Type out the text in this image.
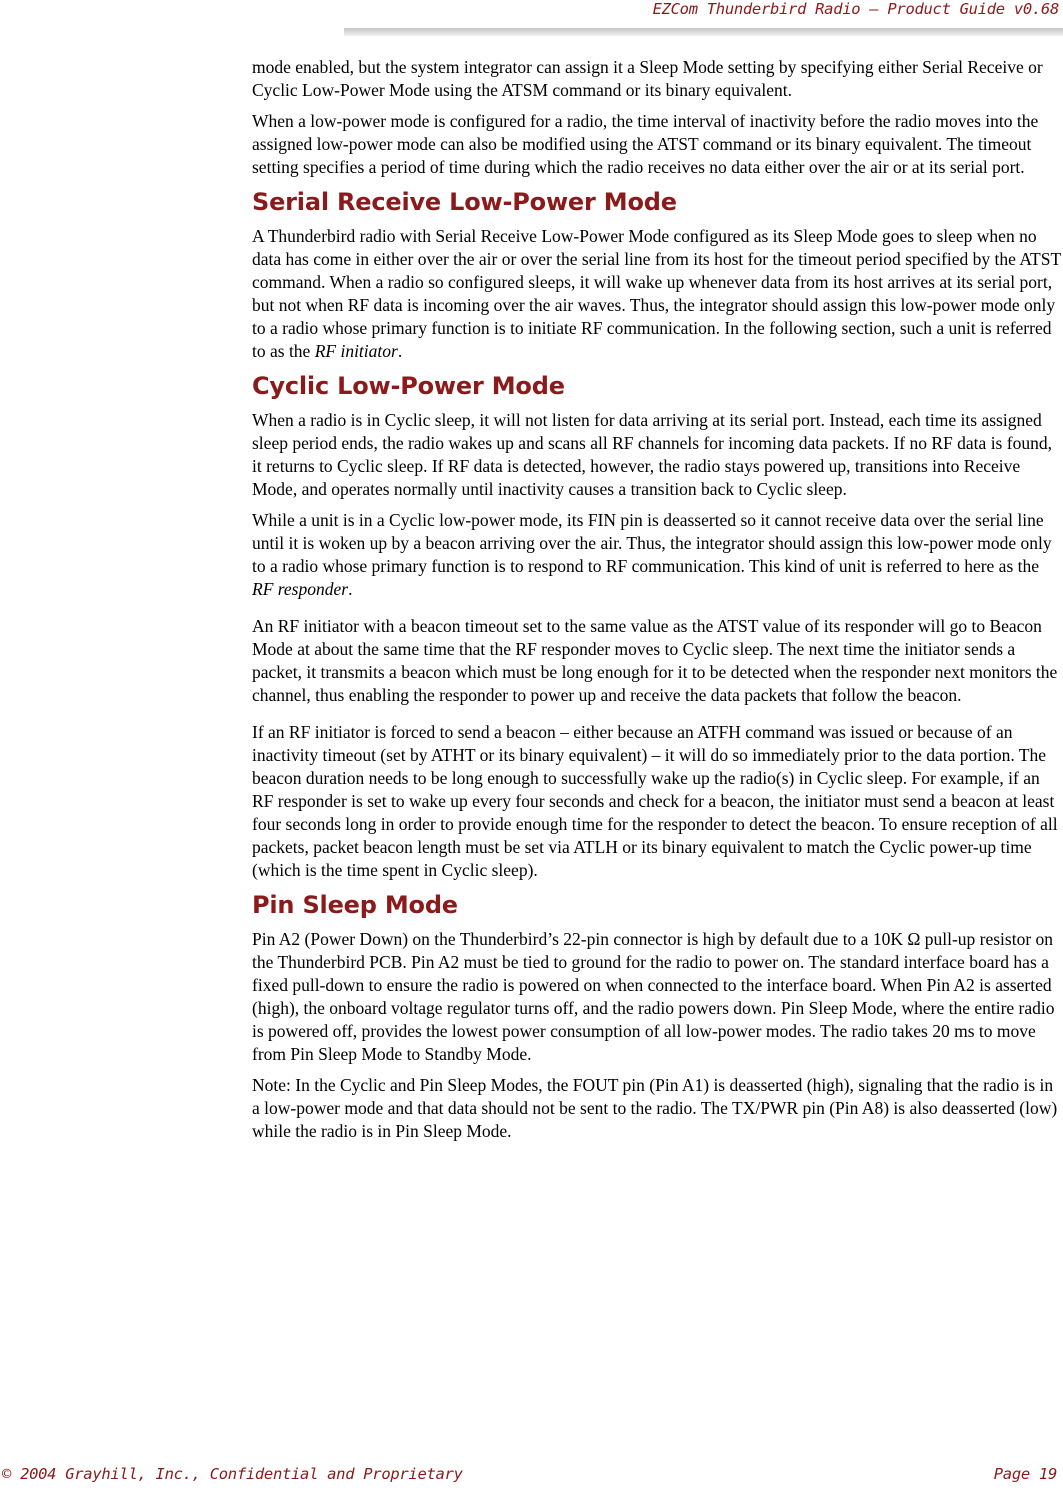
EZCom Thunderbird Radio – Product Guide v0.68

mode enabled, but the system integrator can assign it a Sleep Mode setting by specifying either Serial Receive or Cyclic Low-Power Mode using the ATSM command or its binary equivalent.

When a low-power mode is configured for a radio, the time interval of inactivity before the radio moves into the assigned low-power mode can also be modified using the ATST command or its binary equivalent. The timeout setting specifies a period of time during which the radio receives no data either over the air or at its serial port.

Serial Receive Low-Power Mode

A Thunderbird radio with Serial Receive Low-Power Mode configured as its Sleep Mode goes to sleep when no data has come in either over the air or over the serial line from its host for the timeout period specified by the ATST command. When a radio so configured sleeps, it will wake up whenever data from its host arrives at its serial port, but not when RF data is incoming over the air waves. Thus, the integrator should assign this low-power mode only to a radio whose primary function is to initiate RF communication. In the following section, such a unit is referred to as the RF initiator.

Cyclic Low-Power Mode

When a radio is in Cyclic sleep, it will not listen for data arriving at its serial port. Instead, each time its assigned sleep period ends, the radio wakes up and scans all RF channels for incoming data packets. If no RF data is found, it returns to Cyclic sleep. If RF data is detected, however, the radio stays powered up, transitions into Receive Mode, and operates normally until inactivity causes a transition back to Cyclic sleep.

While a unit is in a Cyclic low-power mode, its FIN pin is deasserted so it cannot receive data over the serial line until it is woken up by a beacon arriving over the air. Thus, the integrator should assign this low-power mode only to a radio whose primary function is to respond to RF communication. This kind of unit is referred to here as the RF responder.

An RF initiator with a beacon timeout set to the same value as the ATST value of its responder will go to Beacon Mode at about the same time that the RF responder moves to Cyclic sleep. The next time the initiator sends a packet, it transmits a beacon which must be long enough for it to be detected when the responder next monitors the channel, thus enabling the responder to power up and receive the data packets that follow the beacon.

If an RF initiator is forced to send a beacon – either because an ATFH command was issued or because of an inactivity timeout (set by ATHT or its binary equivalent) – it will do so immediately prior to the data portion. The beacon duration needs to be long enough to successfully wake up the radio(s) in Cyclic sleep. For example, if an RF responder is set to wake up every four seconds and check for a beacon, the initiator must send a beacon at least four seconds long in order to provide enough time for the responder to detect the beacon. To ensure reception of all packets, packet beacon length must be set via ATLH or its binary equivalent to match the Cyclic power-up time (which is the time spent in Cyclic sleep).

Pin Sleep Mode

Pin A2 (Power Down) on the Thunderbird’s 22-pin connector is high by default due to a 10K Ω pull-up resistor on the Thunderbird PCB. Pin A2 must be tied to ground for the radio to power on. The standard interface board has a fixed pull-down to ensure the radio is powered on when connected to the interface board. When Pin A2 is asserted (high), the onboard voltage regulator turns off, and the radio powers down. Pin Sleep Mode, where the entire radio is powered off, provides the lowest power consumption of all low-power modes. The radio takes 20 ms to move from Pin Sleep Mode to Standby Mode.

Note: In the Cyclic and Pin Sleep Modes, the FOUT pin (Pin A1) is deasserted (high), signaling that the radio is in a low-power mode and that data should not be sent to the radio. The TX/PWR pin (Pin A8) is also deasserted (low) while the radio is in Pin Sleep Mode.

© 2004 Grayhill, Inc., Confidential and Proprietary	Page 19
